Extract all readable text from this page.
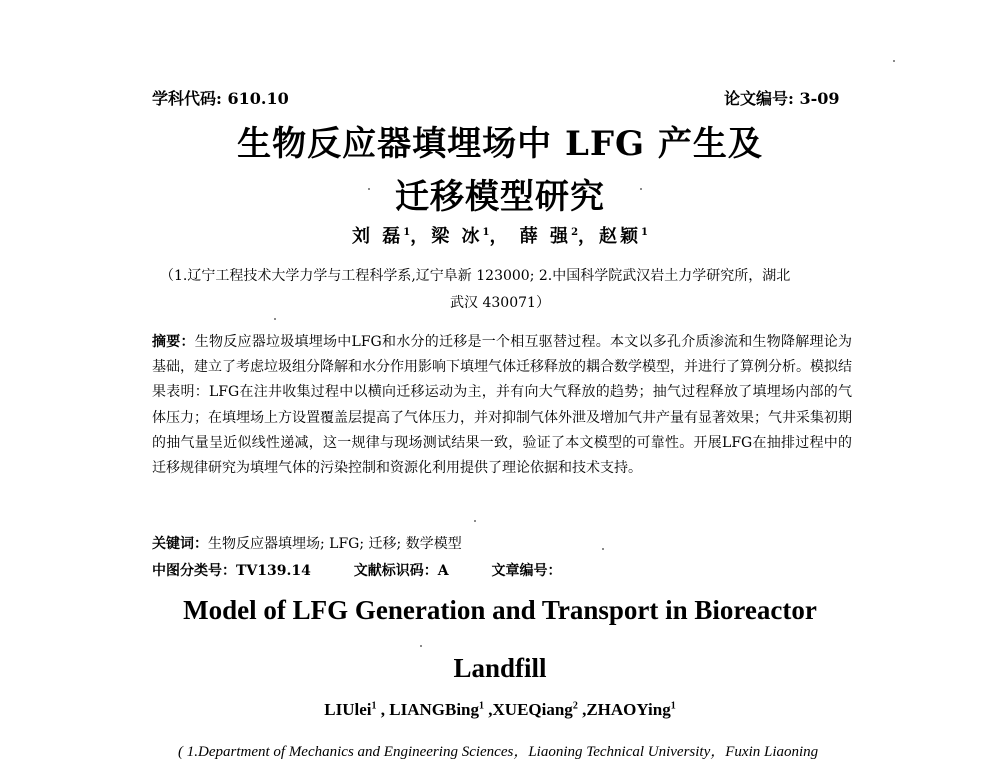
学科代码: 610.10	论文编号: 3-09
生物反应器填埋场中 LFG 产生及
迁移模型研究
刘 磊$^1$，梁 冰$^1$， 薛 强$^2$，赵颖$^1$
（1.辽宁工程技术大学力学与工程科学系,辽宁阜新 123000; 2.中国科学院武汉岩土力学研究所，湖北
武汉 430071）
摘要：生物反应器垃圾填埋场中LFG和水分的迁移是一个相互驱替过程。本文以多孔介质渗流和生物降解理论为基础，建立了考虑垃圾组分降解和水分作用影响下填埋气体迁移释放的耦合数学模型，并进行了算例分析。模拟结果表明：LFG在注井收集过程中以横向迁移运动为主，并有向大气释放的趋势；抽气过程释放了填埋场内部的气体压力；在填埋场上方设置覆盖层提高了气体压力，并对抑制气体外泄及增加气井产量有显著效果；气井采集初期的抽气量呈近似线性递减，这一规律与现场测试结果一致，验证了本文模型的可靠性。开展LFG在抽排过程中的迁移规律研究为填埋气体的污染控制和资源化利用提供了理论依据和技术支持。
关键词：生物反应器填埋场; LFG; 迁移; 数学模型
中图分类号：TV139.14	文献标识码：A	文章编号：
Model of LFG Generation and Transport in Bioreactor
Landfill
LIUlei$^1$ , LIANGBing$^1$ ,XUEQiang$^2$ ,ZHAOYing$^1$
( 1.Department of Mechanics and Engineering Sciences，Liaoning Technical University，Fuxin Liaoning
